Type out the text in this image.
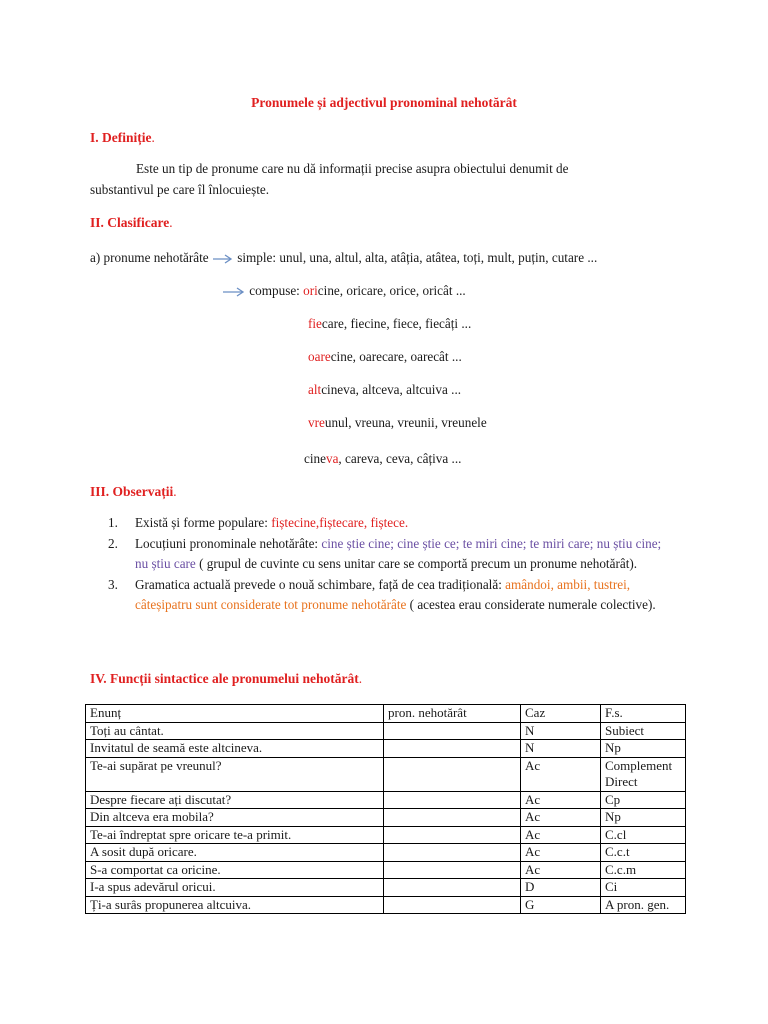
Pronumele și adjectivul pronominal nehotărât
I. Definiție.
Este un tip de pronume care nu dă informații precise asupra obiectului denumit de
substantivul pe care îl înlocuiește.
II. Clasificare.
a) pronume nehotărâte simple: unul, una, altul, alta, atâția, atâtea, toți, mult, puțin, cutare ...
compuse: oricine, oricare, orice, oricât ...
fiecare, fiecine, fiece, fiecâți ...
oarecine, oarecare, oarecât ...
altcineva, altceva, altcuiva ...
vreunul, vreuna, vreunii, vreunele
cineva, careva, ceva, câțiva ...
III. Observații.
1. Există și forme populare: fiștecine,fiștecare, fiștece.
2. Locuțiuni pronominale nehotărâte: cine știe cine; cine știe ce; te miri cine; te miri care; nu știu cine; nu știu care ( grupul de cuvinte cu sens unitar care se comportă precum un pronume nehotărât).
3. Gramatica actuală prevede o nouă schimbare, față de cea tradițională: amândoi, ambii, tustrei, câteșipatru sunt considerate tot pronume nehotărâte ( acestea erau considerate numerale colective).
IV. Funcții sintactice ale pronumelui nehotărât.
Enunț	pron. nehotărât	Caz	F.s.
Toți au cântat.		N	Subiect
Invitatul de seamă este altcineva.		N	Np
Te-ai supărat pe vreunul?		Ac	Complement Direct
Despre fiecare ați discutat?		Ac	Cp
Din altceva era mobila?		Ac	Np
Te-ai îndreptat spre oricare te-a primit.		Ac	C.cl
A sosit după oricare.		Ac	C.c.t
S-a comportat ca oricine.		Ac	C.c.m
I-a spus adevărul oricui.		D	Ci
Ți-a surâs propunerea altcuiva.		G	A pron. gen.
